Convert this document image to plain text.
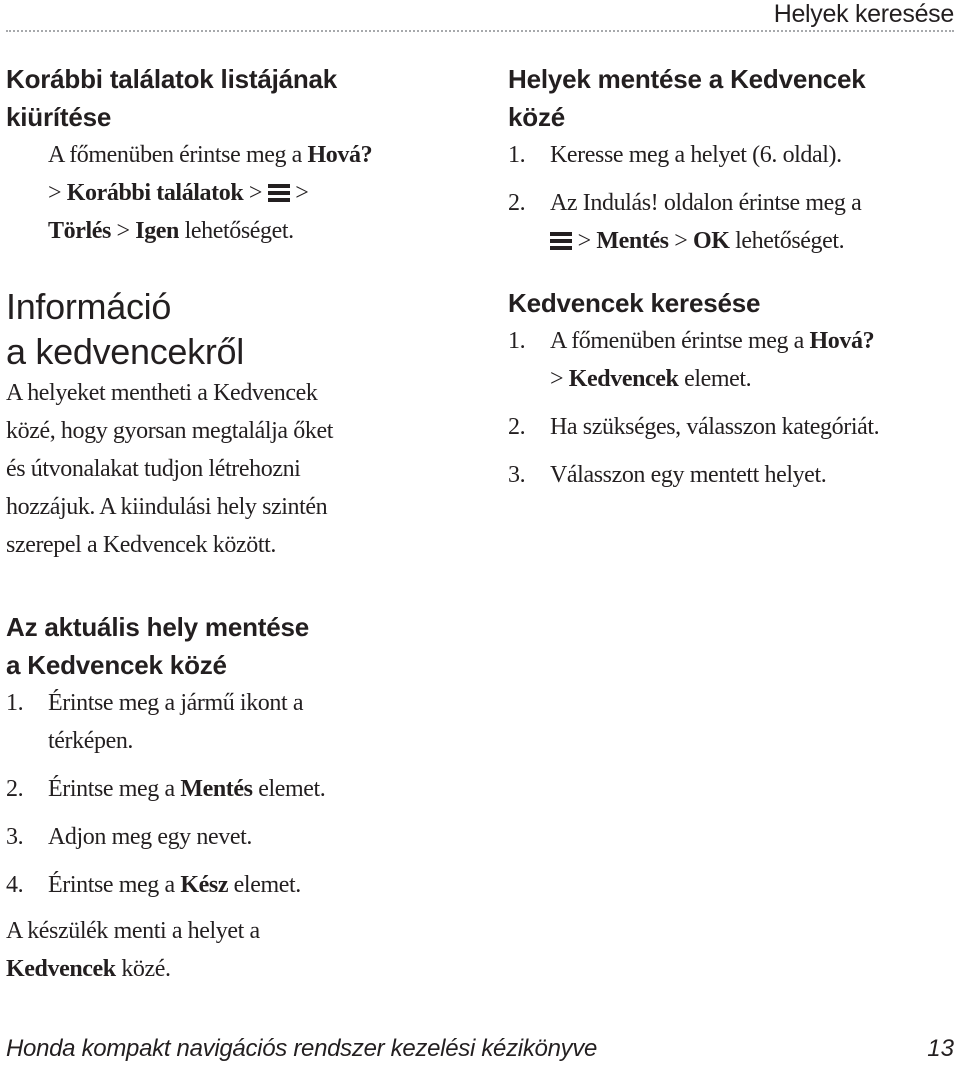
Helyek keresése
Korábbi találatok listájának
kiürítése

A főmenüben érintse meg a Hová?
> Korábbi találatok >
>
Törlés > Igen lehetőséget.

Információ
a kedvencekről

A helyeket mentheti a Kedvencek
közé, hogy gyorsan megtalálja őket
és útvonalakat tudjon létrehozni
hozzájuk. A kiindulási hely szintén
szerepel a Kedvencek között.

Az aktuális hely mentése
a Kedvencek közé
1. Érintse meg a jármű ikont a
térképen.
2. Érintse meg a Mentés elemet.
3. Adjon meg egy nevet.
4. Érintse meg a Kész elemet.

A készülék menti a helyet a
Kedvencek közé.

Helyek mentése a Kedvencek
közé
1. Keresse meg a helyet (6. oldal).
2. Az Indulás! oldalon érintse meg a

> Mentés > OK lehetőséget.
Kedvencek keresése
1. A főmenüben érintse meg a Hová?
> Kedvencek elemet.
2. Ha szükséges, válasszon kategóriát.
3. Válasszon egy mentett helyet.
Honda kompakt navigációs rendszer kezelési kézikönyve	13
